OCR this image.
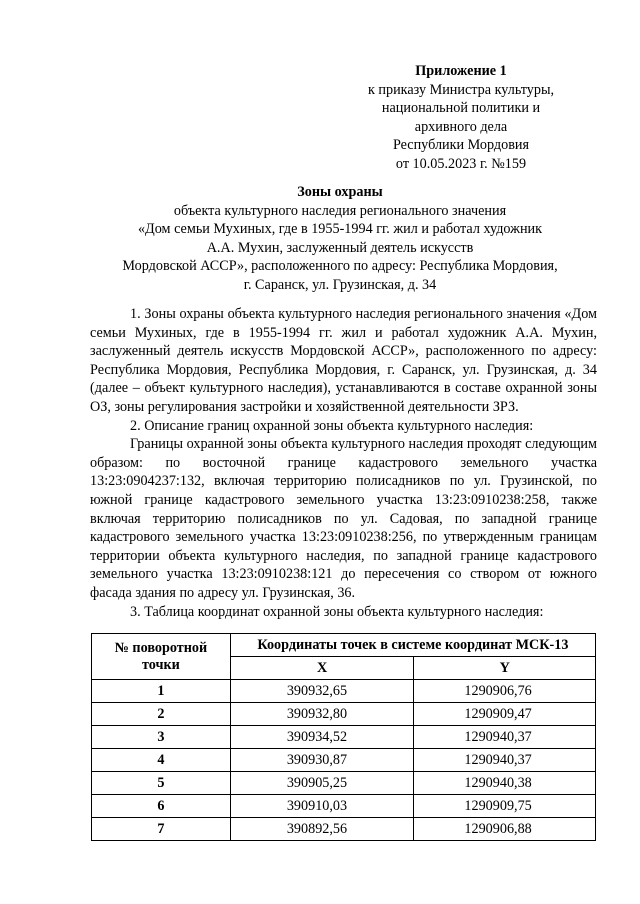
Приложение 1
к приказу Министра культуры,
национальной политики и
архивного дела
Республики Мордовия
от 10.05.2023 г. №159
Зоны охраны
объекта культурного наследия регионального значения
«Дом семьи Мухиных, где в 1955-1994 гг. жил и работал художник
А.А. Мухин, заслуженный деятель искусств
Мордовской АССР», расположенного по адресу: Республика Мордовия,
г. Саранск, ул. Грузинская, д. 34

1. Зоны охраны объекта культурного наследия регионального значения «Дом семьи Мухиных, где в 1955-1994 гг. жил и работал художник А.А. Мухин, заслуженный деятель искусств Мордовской АССР», расположенного по адресу: Республика Мордовия, Республика Мордовия, г. Саранск, ул. Грузинская, д. 34 (далее – объект культурного наследия), устанавливаются в составе охранной зоны ОЗ, зоны регулирования застройки и хозяйственной деятельности ЗРЗ.

2. Описание границ охранной зоны объекта культурного наследия:

Границы охранной зоны объекта культурного наследия проходят следующим образом: по восточной границе кадастрового земельного участка 13:23:0904237:132, включая территорию полисадников по ул. Грузинской, по южной границе кадастрового земельного участка 13:23:0910238:258, также включая территорию полисадников по ул. Садовая, по западной границе кадастрового земельного участка 13:23:0910238:256, по утвержденным границам территории объекта культурного наследия, по западной границе кадастрового земельного участка 13:23:0910238:121 до пересечения со створом от южного фасада здания по адресу ул. Грузинская, 36.

3. Таблица координат охранной зоны объекта культурного наследия:

№ поворотной точки	Координаты точек в системе координат МСК-13	
	X	Y
1	390932,65	1290906,76
2	390932,80	1290909,47
3	390934,52	1290940,37
4	390930,87	1290940,37
5	390905,25	1290940,38
6	390910,03	1290909,75
7	390892,56	1290906,88
